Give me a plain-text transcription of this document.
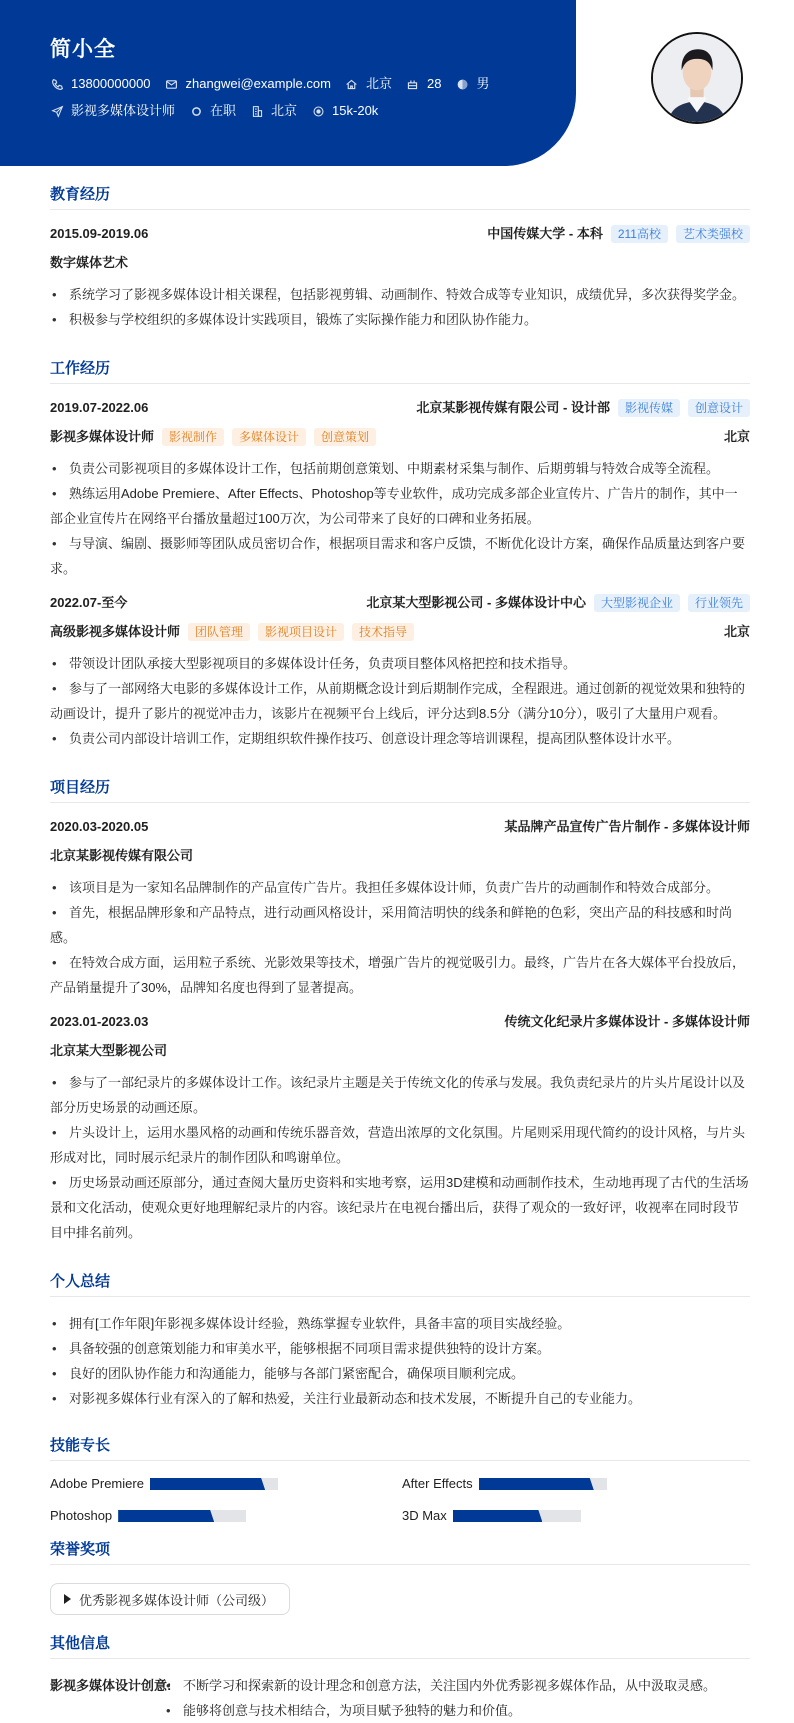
简小全
13800000000	zhangwei@example.com	北京	28	男
影视多媒体设计师	在职	北京	15k-20k
教育经历
2015.09-2019.06	中国传媒大学 - 本科	211高校	艺术类强校
数字媒体艺术
• 系统学习了影视多媒体设计相关课程，包括影视剪辑、动画制作、特效合成等专业知识，成绩优异，多次获得奖学金。
• 积极参与学校组织的多媒体设计实践项目，锻炼了实际操作能力和团队协作能力。
工作经历
2019.07-2022.06	北京某影视传媒有限公司 - 设计部	影视传媒	创意设计
影视多媒体设计师	影视制作	多媒体设计	创意策划	北京
• 负责公司影视项目的多媒体设计工作，包括前期创意策划、中期素材采集与制作、后期剪辑与特效合成等全流程。
• 熟练运用Adobe Premiere、After Effects、Photoshop等专业软件，成功完成多部企业宣传片、广告片的制作，其中一部企业宣传片在网络平台播放量超过100万次，为公司带来了良好的口碑和业务拓展。
• 与导演、编剧、摄影师等团队成员密切合作，根据项目需求和客户反馈，不断优化设计方案，确保作品质量达到客户要求。
2022.07-至今	北京某大型影视公司 - 多媒体设计中心	大型影视企业	行业领先
高级影视多媒体设计师	团队管理	影视项目设计	技术指导	北京
• 带领设计团队承接大型影视项目的多媒体设计任务，负责项目整体风格把控和技术指导。
• 参与了一部网络大电影的多媒体设计工作，从前期概念设计到后期制作完成，全程跟进。通过创新的视觉效果和独特的动画设计，提升了影片的视觉冲击力，该影片在视频平台上线后，评分达到8.5分（满分10分），吸引了大量用户观看。
• 负责公司内部设计培训工作，定期组织软件操作技巧、创意设计理念等培训课程，提高团队整体设计水平。
项目经历
2020.03-2020.05	某品牌产品宣传广告片制作 - 多媒体设计师
北京某影视传媒有限公司
• 该项目是为一家知名品牌制作的产品宣传广告片。我担任多媒体设计师，负责广告片的动画制作和特效合成部分。
• 首先，根据品牌形象和产品特点，进行动画风格设计，采用简洁明快的线条和鲜艳的色彩，突出产品的科技感和时尚感。
• 在特效合成方面，运用粒子系统、光影效果等技术，增强广告片的视觉吸引力。最终，广告片在各大媒体平台投放后，产品销量提升了30%，品牌知名度也得到了显著提高。
2023.01-2023.03	传统文化纪录片多媒体设计 - 多媒体设计师
北京某大型影视公司
• 参与了一部纪录片的多媒体设计工作。该纪录片主题是关于传统文化的传承与发展。我负责纪录片的片头片尾设计以及部分历史场景的动画还原。
• 片头设计上，运用水墨风格的动画和传统乐器音效，营造出浓厚的文化氛围。片尾则采用现代简约的设计风格，与片头形成对比，同时展示纪录片的制作团队和鸣谢单位。
• 历史场景动画还原部分，通过查阅大量历史资料和实地考察，运用3D建模和动画制作技术，生动地再现了古代的生活场景和文化活动，使观众更好地理解纪录片的内容。该纪录片在电视台播出后，获得了观众的一致好评，收视率在同时段节目中排名前列。
个人总结
• 拥有[工作年限]年影视多媒体设计经验，熟练掌握专业软件，具备丰富的项目实战经验。
• 具备较强的创意策划能力和审美水平，能够根据不同项目需求提供独特的设计方案。
• 良好的团队协作能力和沟通能力，能够与各部门紧密配合，确保项目顺利完成。
• 对影视多媒体行业有深入的了解和热爱，关注行业最新动态和技术发展，不断提升自己的专业能力。
技能专长
Adobe Premiere	After Effects
Photoshop	3D Max
荣誉奖项
优秀影视多媒体设计师（公司级）
其他信息
影视多媒体设计创意: • 不断学习和探索新的设计理念和创意方法，关注国内外优秀影视多媒体作品，从中汲取灵感。
• 能够将创意与技术相结合，为项目赋予独特的魅力和价值。
